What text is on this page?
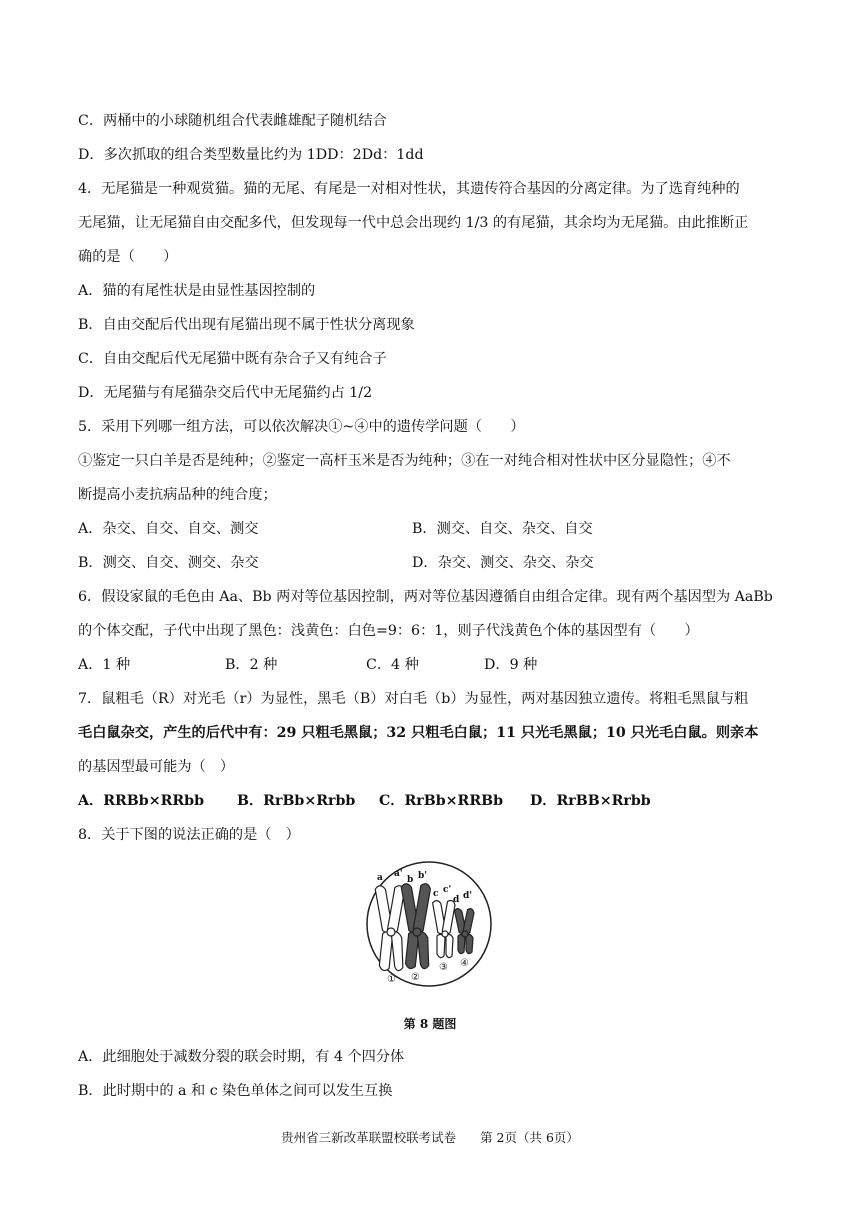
C．两桶中的小球随机组合代表雌雄配子随机结合
D．多次抓取的组合类型数量比约为 1DD：2Dd：1dd
4．无尾猫是一种观赏猫。猫的无尾、有尾是一对相对性状，其遗传符合基因的分离定律。为了选育纯种的
无尾猫，让无尾猫自由交配多代，但发现每一代中总会出现约 1/3 的有尾猫，其余均为无尾猫。由此推断正
确的是（　　）
A．猫的有尾性状是由显性基因控制的
B．自由交配后代出现有尾猫出现不属于性状分离现象
C．自由交配后代无尾猫中既有杂合子又有纯合子
D．无尾猫与有尾猫杂交后代中无尾猫约占 1/2
5．采用下列哪一组方法，可以依次解决①~④中的遗传学问题（　　）
①鉴定一只白羊是否是纯种；②鉴定一高杆玉米是否为纯种；③在一对纯合相对性状中区分显隐性；④不
断提高小麦抗病品种的纯合度；
A．杂交、自交、自交、测交	B．测交、自交、杂交、自交
B．测交、自交、测交、杂交	D．杂交、测交、杂交、杂交
6．假设家鼠的毛色由 Aa、Bb 两对等位基因控制，两对等位基因遵循自由组合定律。现有两个基因型为 AaBb
的个体交配，子代中出现了黑色：浅黄色：白色=9：6：1，则子代浅黄色个体的基因型有（　　）
A．1 种	B．2 种	C．4 种	D．9 种
7．鼠粗毛（R）对光毛（r）为显性，黑毛（B）对白毛（b）为显性，两对基因独立遗传。将粗毛黑鼠与粗
毛白鼠杂交，产生的后代中有：29 只粗毛黑鼠；32 只粗毛白鼠；11 只光毛黑鼠；10 只光毛白鼠。则亲本
的基因型最可能为（　）
A．RRBb×RRbb B．RrBb×Rrbb C．RrBb×RRBb D．RrBB×Rrbb
8．关于下图的说法正确的是（　）
a a'
b b'
c c'
d d'
① ②
③ ④
第 8 题图
A．此细胞处于减数分裂的联会时期，有 4 个四分体
B．此时期中的 a 和 c 染色单体之间可以发生互换
贵州省三新改革联盟校联考试卷 第 2页（共 6页）
